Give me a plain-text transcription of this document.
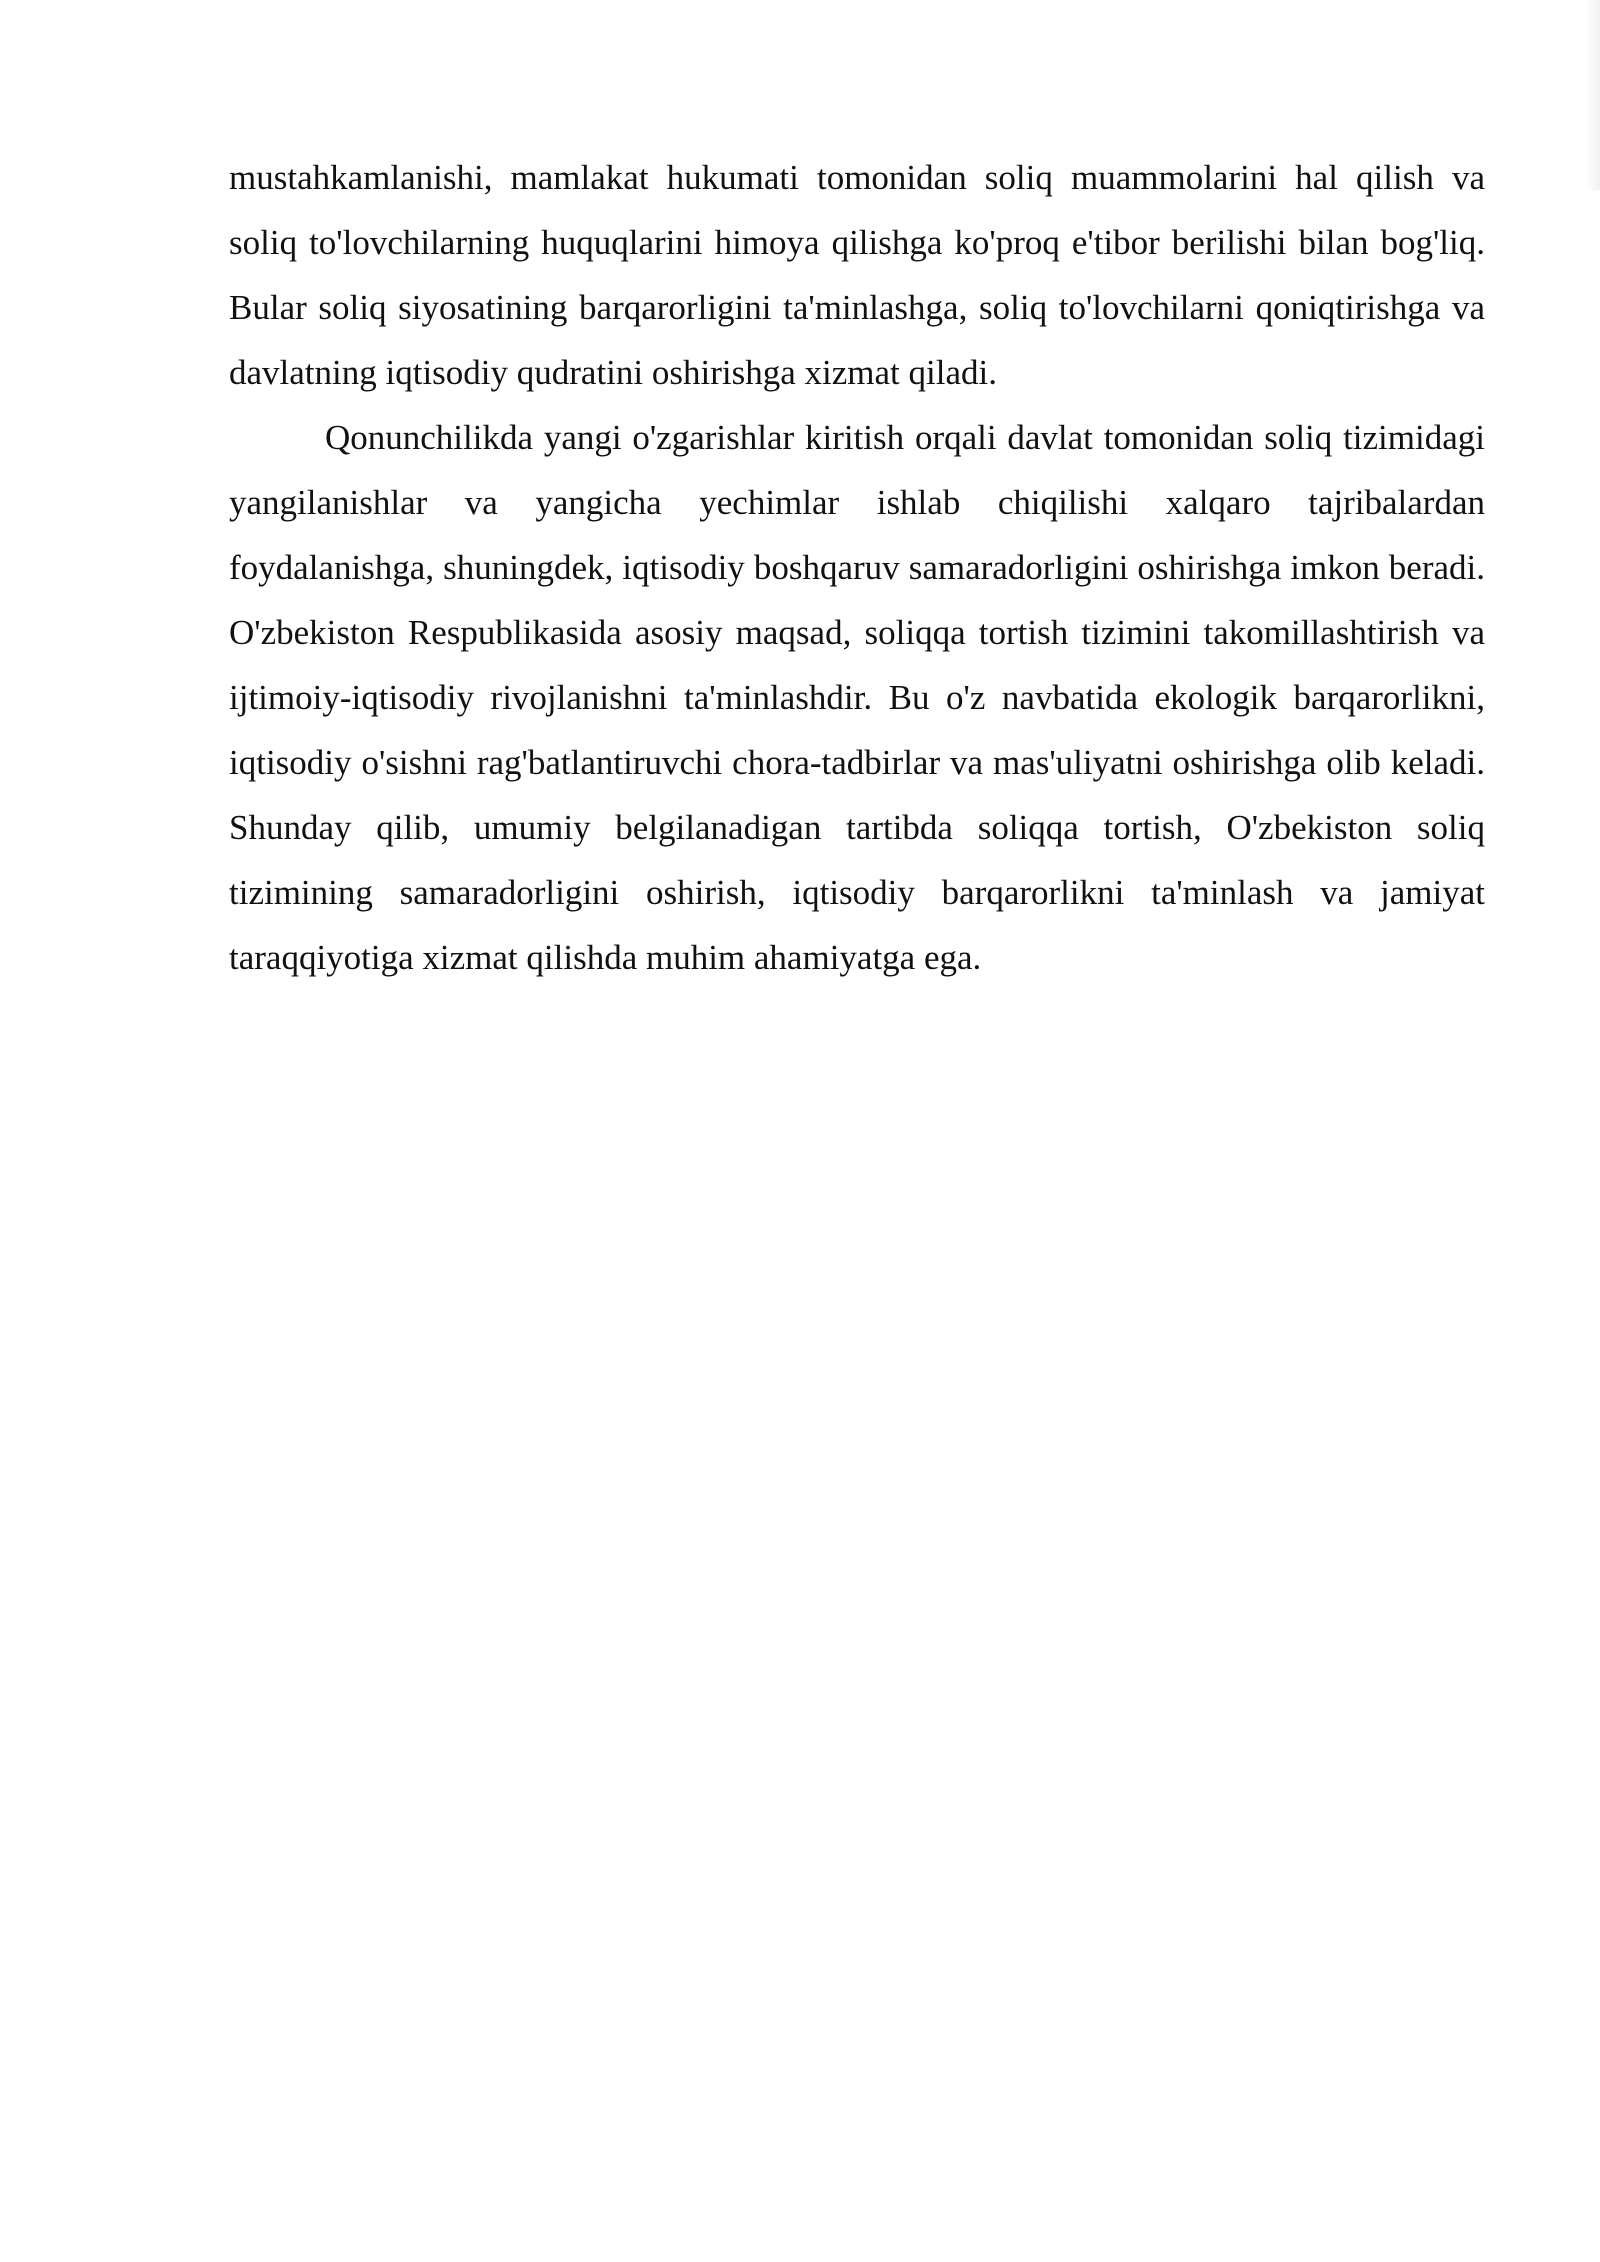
mustahkamlanishi, mamlakat hukumati tomonidan soliq muammolarini hal qilish va soliq to'lovchilarning huquqlarini himoya qilishga ko'proq e'tibor berilishi bilan bog'liq. Bular soliq siyosatining barqarorligini ta'minlashga, soliq to'lovchilarni qoniqtirishga va davlatning iqtisodiy qudratini oshirishga xizmat qiladi.

Qonunchilikda yangi o'zgarishlar kiritish orqali davlat tomonidan soliq tizimidagi yangilanishlar va yangicha yechimlar ishlab chiqilishi xalqaro tajribalardan foydalanishga, shuningdek, iqtisodiy boshqaruv samaradorligini oshirishga imkon beradi. O'zbekiston Respublikasida asosiy maqsad, soliqqa tortish tizimini takomillashtirish va ijtimoiy-iqtisodiy rivojlanishni ta'minlashdir. Bu o'z navbatida ekologik barqarorlikni, iqtisodiy o'sishni rag'batlantiruvchi chora-tadbirlar va mas'uliyatni oshirishga olib keladi. Shunday qilib, umumiy belgilanadigan tartibda soliqqa tortish, O'zbekiston soliq tizimining samaradorligini oshirish, iqtisodiy barqarorlikni ta'minlash va jamiyat taraqqiyotiga xizmat qilishda muhim ahamiyatga ega.
